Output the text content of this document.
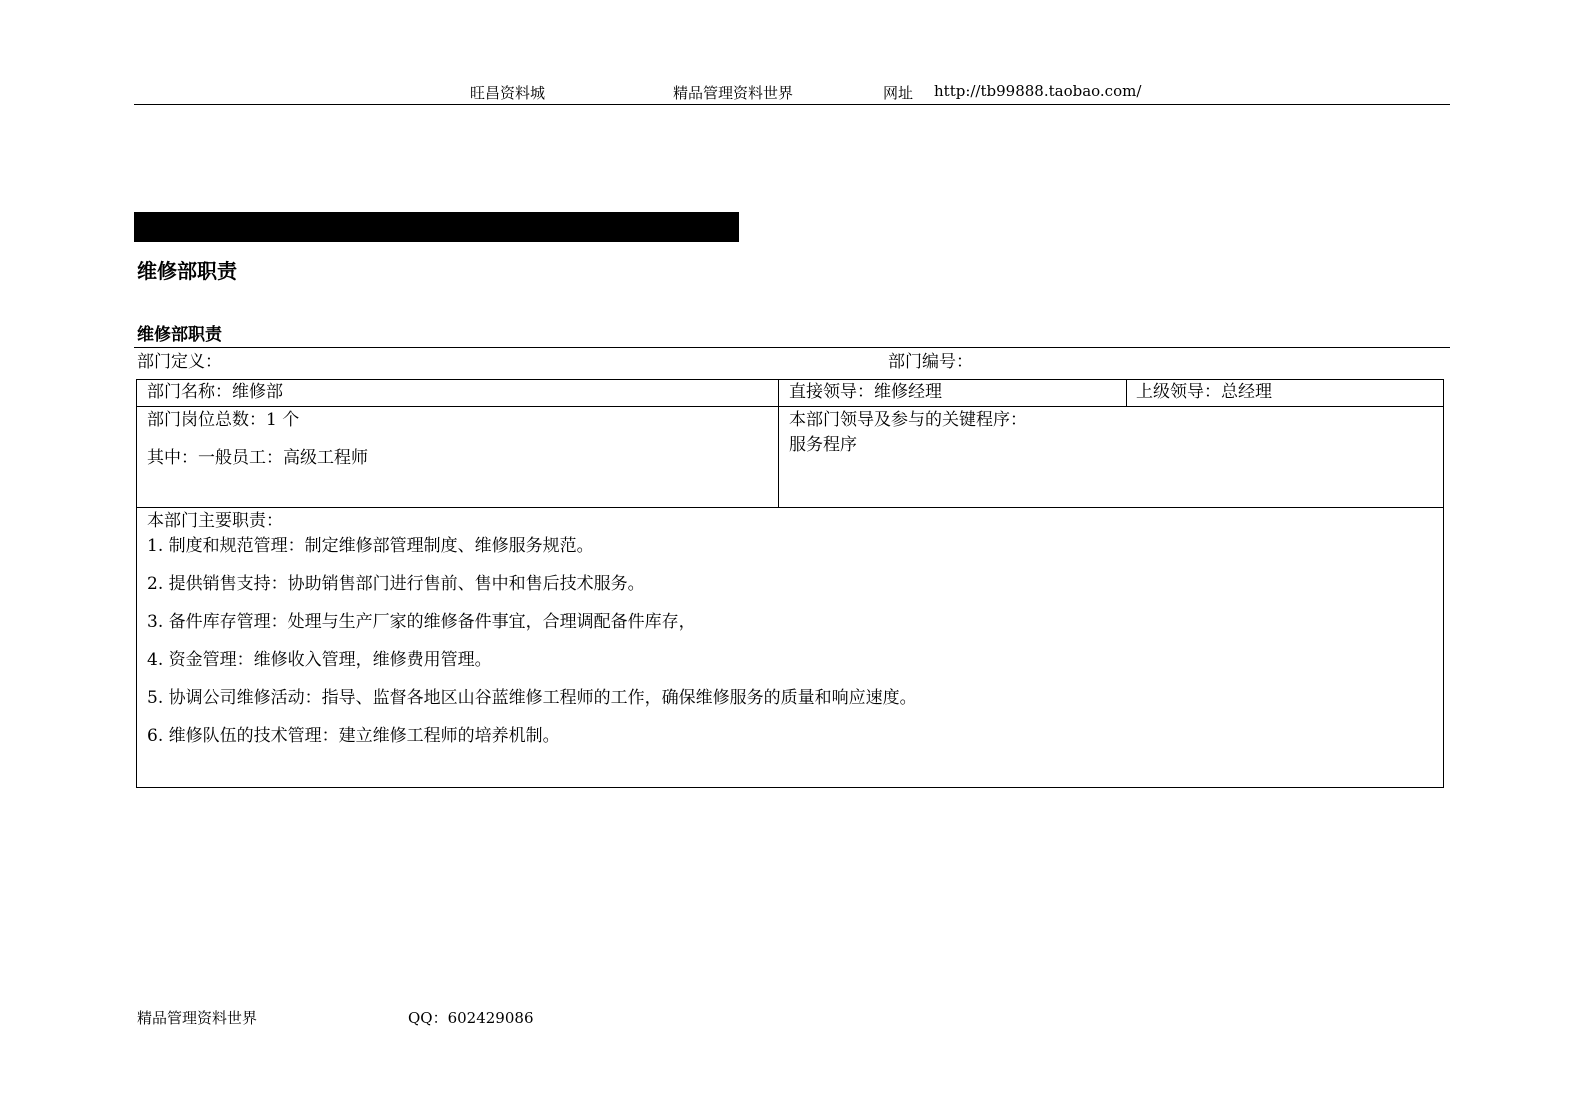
旺昌资料城	精品管理资料世界	网址 http://tb99888.taobao.com/
维修部职责
维修部职责
部门定义：	部门编号：
部门名称：维修部	直接领导：维修经理	上级领导：总经理
部门岗位总数：1 个
其中：一般员工：高级工程师
本部门领导及参与的关键程序：
服务程序
本部门主要职责：
1. 制度和规范管理：制定维修部管理制度、维修服务规范。
2. 提供销售支持：协助销售部门进行售前、售中和售后技术服务。
3. 备件库存管理：处理与生产厂家的维修备件事宜，合理调配备件库存，
4. 资金管理：维修收入管理，维修费用管理。
5. 协调公司维修活动：指导、监督各地区山谷蓝维修工程师的工作，确保维修服务的质量和响应速度。
6. 维修队伍的技术管理：建立维修工程师的培养机制。
精品管理资料世界	QQ：602429086
